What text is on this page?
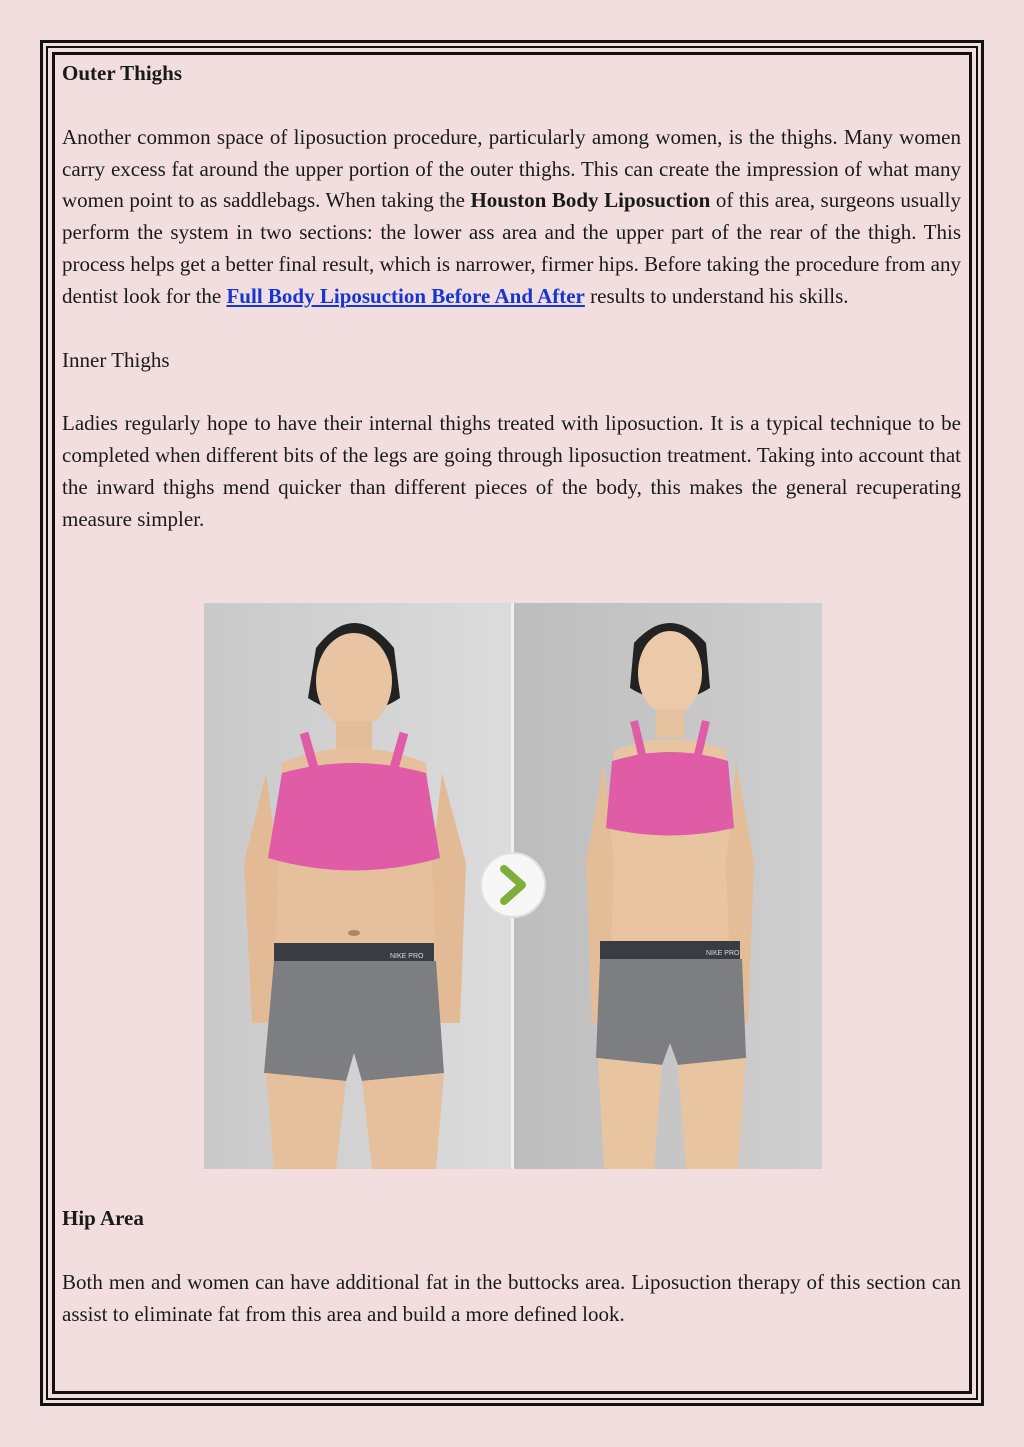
Outer Thighs

Another common space of liposuction procedure, particularly among women, is the thighs. Many women carry excess fat around the upper portion of the outer thighs. This can create the impression of what many women point to as saddlebags. When taking the Houston Body Liposuction of this area, surgeons usually perform the system in two sections: the lower ass area and the upper part of the rear of the thigh. This process helps get a better final result, which is narrower, firmer hips. Before taking the procedure from any dentist look for the Full Body Liposuction Before And After results to understand his skills.

Inner Thighs

Ladies regularly hope to have their internal thighs treated with liposuction. It is a typical technique to be completed when different bits of the legs are going through liposuction treatment. Taking into account that the inward thighs mend quicker than different pieces of the body, this makes the general recuperating measure simpler.

NIKE PRO	NIKE PRO

Hip Area

Both men and women can have additional fat in the buttocks area. Liposuction therapy of this section can assist to eliminate fat from this area and build a more defined look.
